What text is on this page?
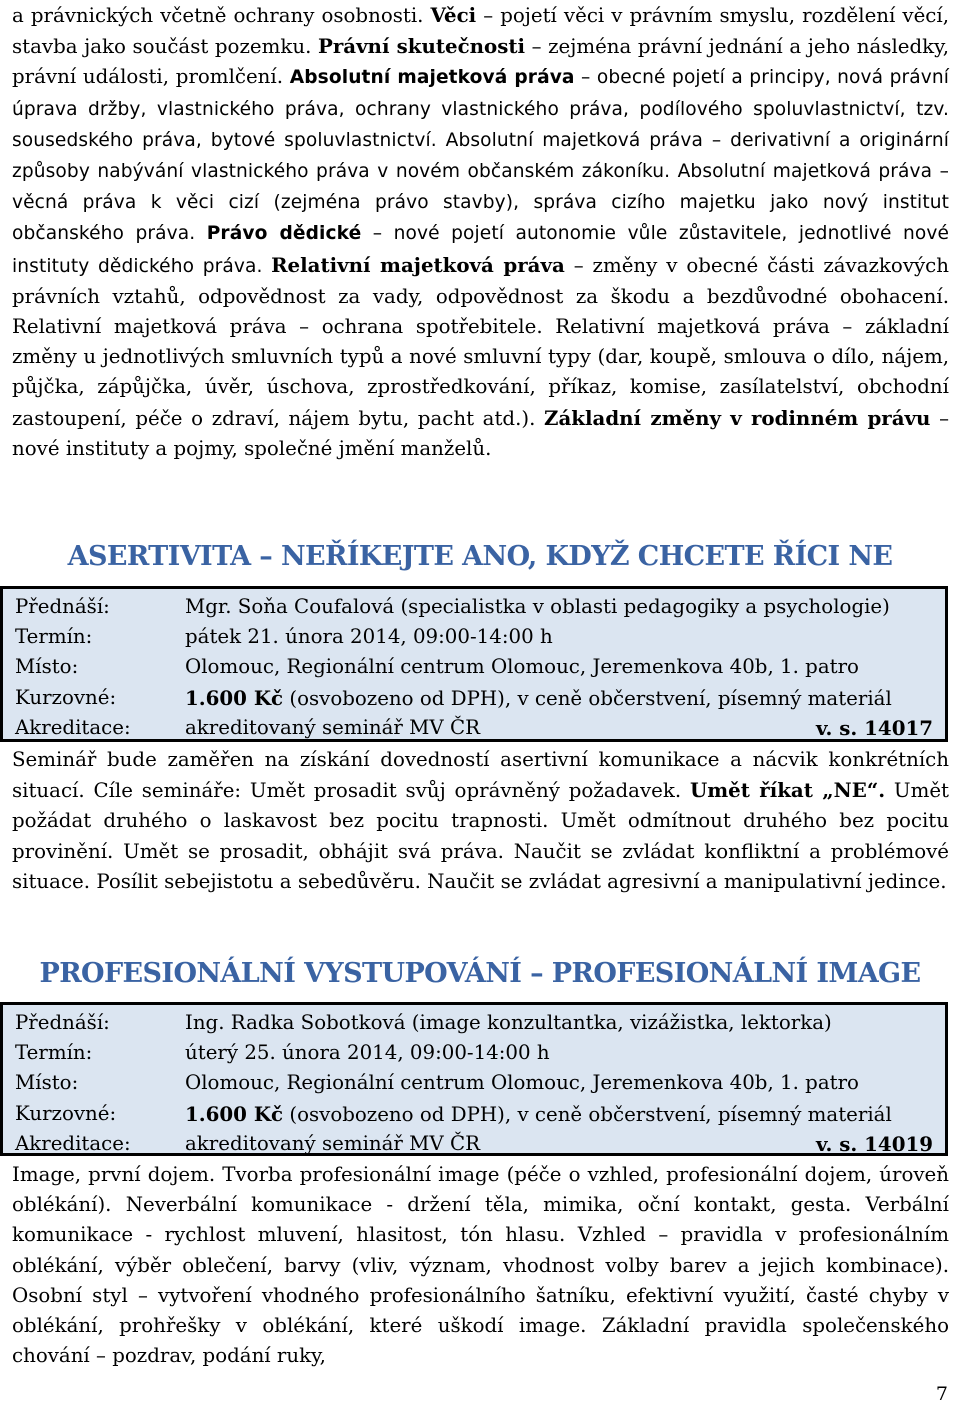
a právnických včetně ochrany osobnosti. Věci – pojetí věci v právním smyslu, rozdělení věcí, stavba jako součást pozemku. Právní skutečnosti – zejména právní jednání a jeho následky, právní události, promlčení. Absolutní majetková práva – obecné pojetí a principy, nová právní úprava držby, vlastnického práva, ochrany vlastnického práva, podílového spoluvlastnictví, tzv. sousedského práva, bytové spoluvlastnictví. Absolutní majetková práva – derivativní a originární způsoby nabývání vlastnického práva v novém občanském zákoníku. Absolutní majetková práva – věcná práva k věci cizí (zejména právo stavby), správa cizího majetku jako nový institut občanského práva. Právo dědické – nové pojetí autonomie vůle zůstavitele, jednotlivé nové instituty dědického práva. Relativní majetková práva – změny v obecné části závazkových právních vztahů, odpovědnost za vady, odpovědnost za škodu a bezdůvodné obohacení. Relativní majetková práva – ochrana spotřebitele. Relativní majetková práva – základní změny u jednotlivých smluvních typů a nové smluvní typy (dar, koupě, smlouva o dílo, nájem, půjčka, zápůjčka, úvěr, úschova, zprostředkování, příkaz, komise, zasílatelství, obchodní zastoupení, péče o zdraví, nájem bytu, pacht atd.). Základní změny v rodinném právu – nové instituty a pojmy, společné jmění manželů.

ASERTIVITA – NEŘÍKEJTE ANO, KDYŽ CHCETE ŘÍCI NE
Přednáší:	Mgr. Soňa Coufalová (specialistka v oblasti pedagogiky a psychologie)
Termín:	pátek 21. února 2014, 09:00-14:00 h
Místo:	Olomouc, Regionální centrum Olomouc, Jeremenkova 40b, 1. patro
Kurzovné:	1.600 Kč (osvobozeno od DPH), v ceně občerstvení, písemný materiál
Akreditace:	akreditovaný seminář MV ČR	v. s. 14017

Seminář bude zaměřen na získání dovedností asertivní komunikace a nácvik konkrétních situací. Cíle semináře: Umět prosadit svůj oprávněný požadavek. Umět říkat „NE“. Umět požádat druhého o laskavost bez pocitu trapnosti. Umět odmítnout druhého bez pocitu provinění. Umět se prosadit, obhájit svá práva. Naučit se zvládat konfliktní a problémové situace. Posílit sebejistotu a sebedůvěru. Naučit se zvládat agresivní a manipulativní jedince.

PROFESIONÁLNÍ VYSTUPOVÁNÍ – PROFESIONÁLNÍ IMAGE
Přednáší:	Ing. Radka Sobotková (image konzultantka, vizážistka, lektorka)
Termín:	úterý 25. února 2014, 09:00-14:00 h
Místo:	Olomouc, Regionální centrum Olomouc, Jeremenkova 40b, 1. patro
Kurzovné:	1.600 Kč (osvobozeno od DPH), v ceně občerstvení, písemný materiál
Akreditace:	akreditovaný seminář MV ČR	v. s. 14019

Image, první dojem. Tvorba profesionální image (péče o vzhled, profesionální dojem, úroveň oblékání). Neverbální komunikace - držení těla, mimika, oční kontakt, gesta. Verbální komunikace - rychlost mluvení, hlasitost, tón hlasu. Vzhled – pravidla v profesionálním oblékání, výběr oblečení, barvy (vliv, význam, vhodnost volby barev a jejich kombinace). Osobní styl – vytvoření vhodného profesionálního šatníku, efektivní využití, časté chyby v oblékání, prohřešky v oblékání, které uškodí image. Základní pravidla společenského chování – pozdrav, podání ruky,

7
